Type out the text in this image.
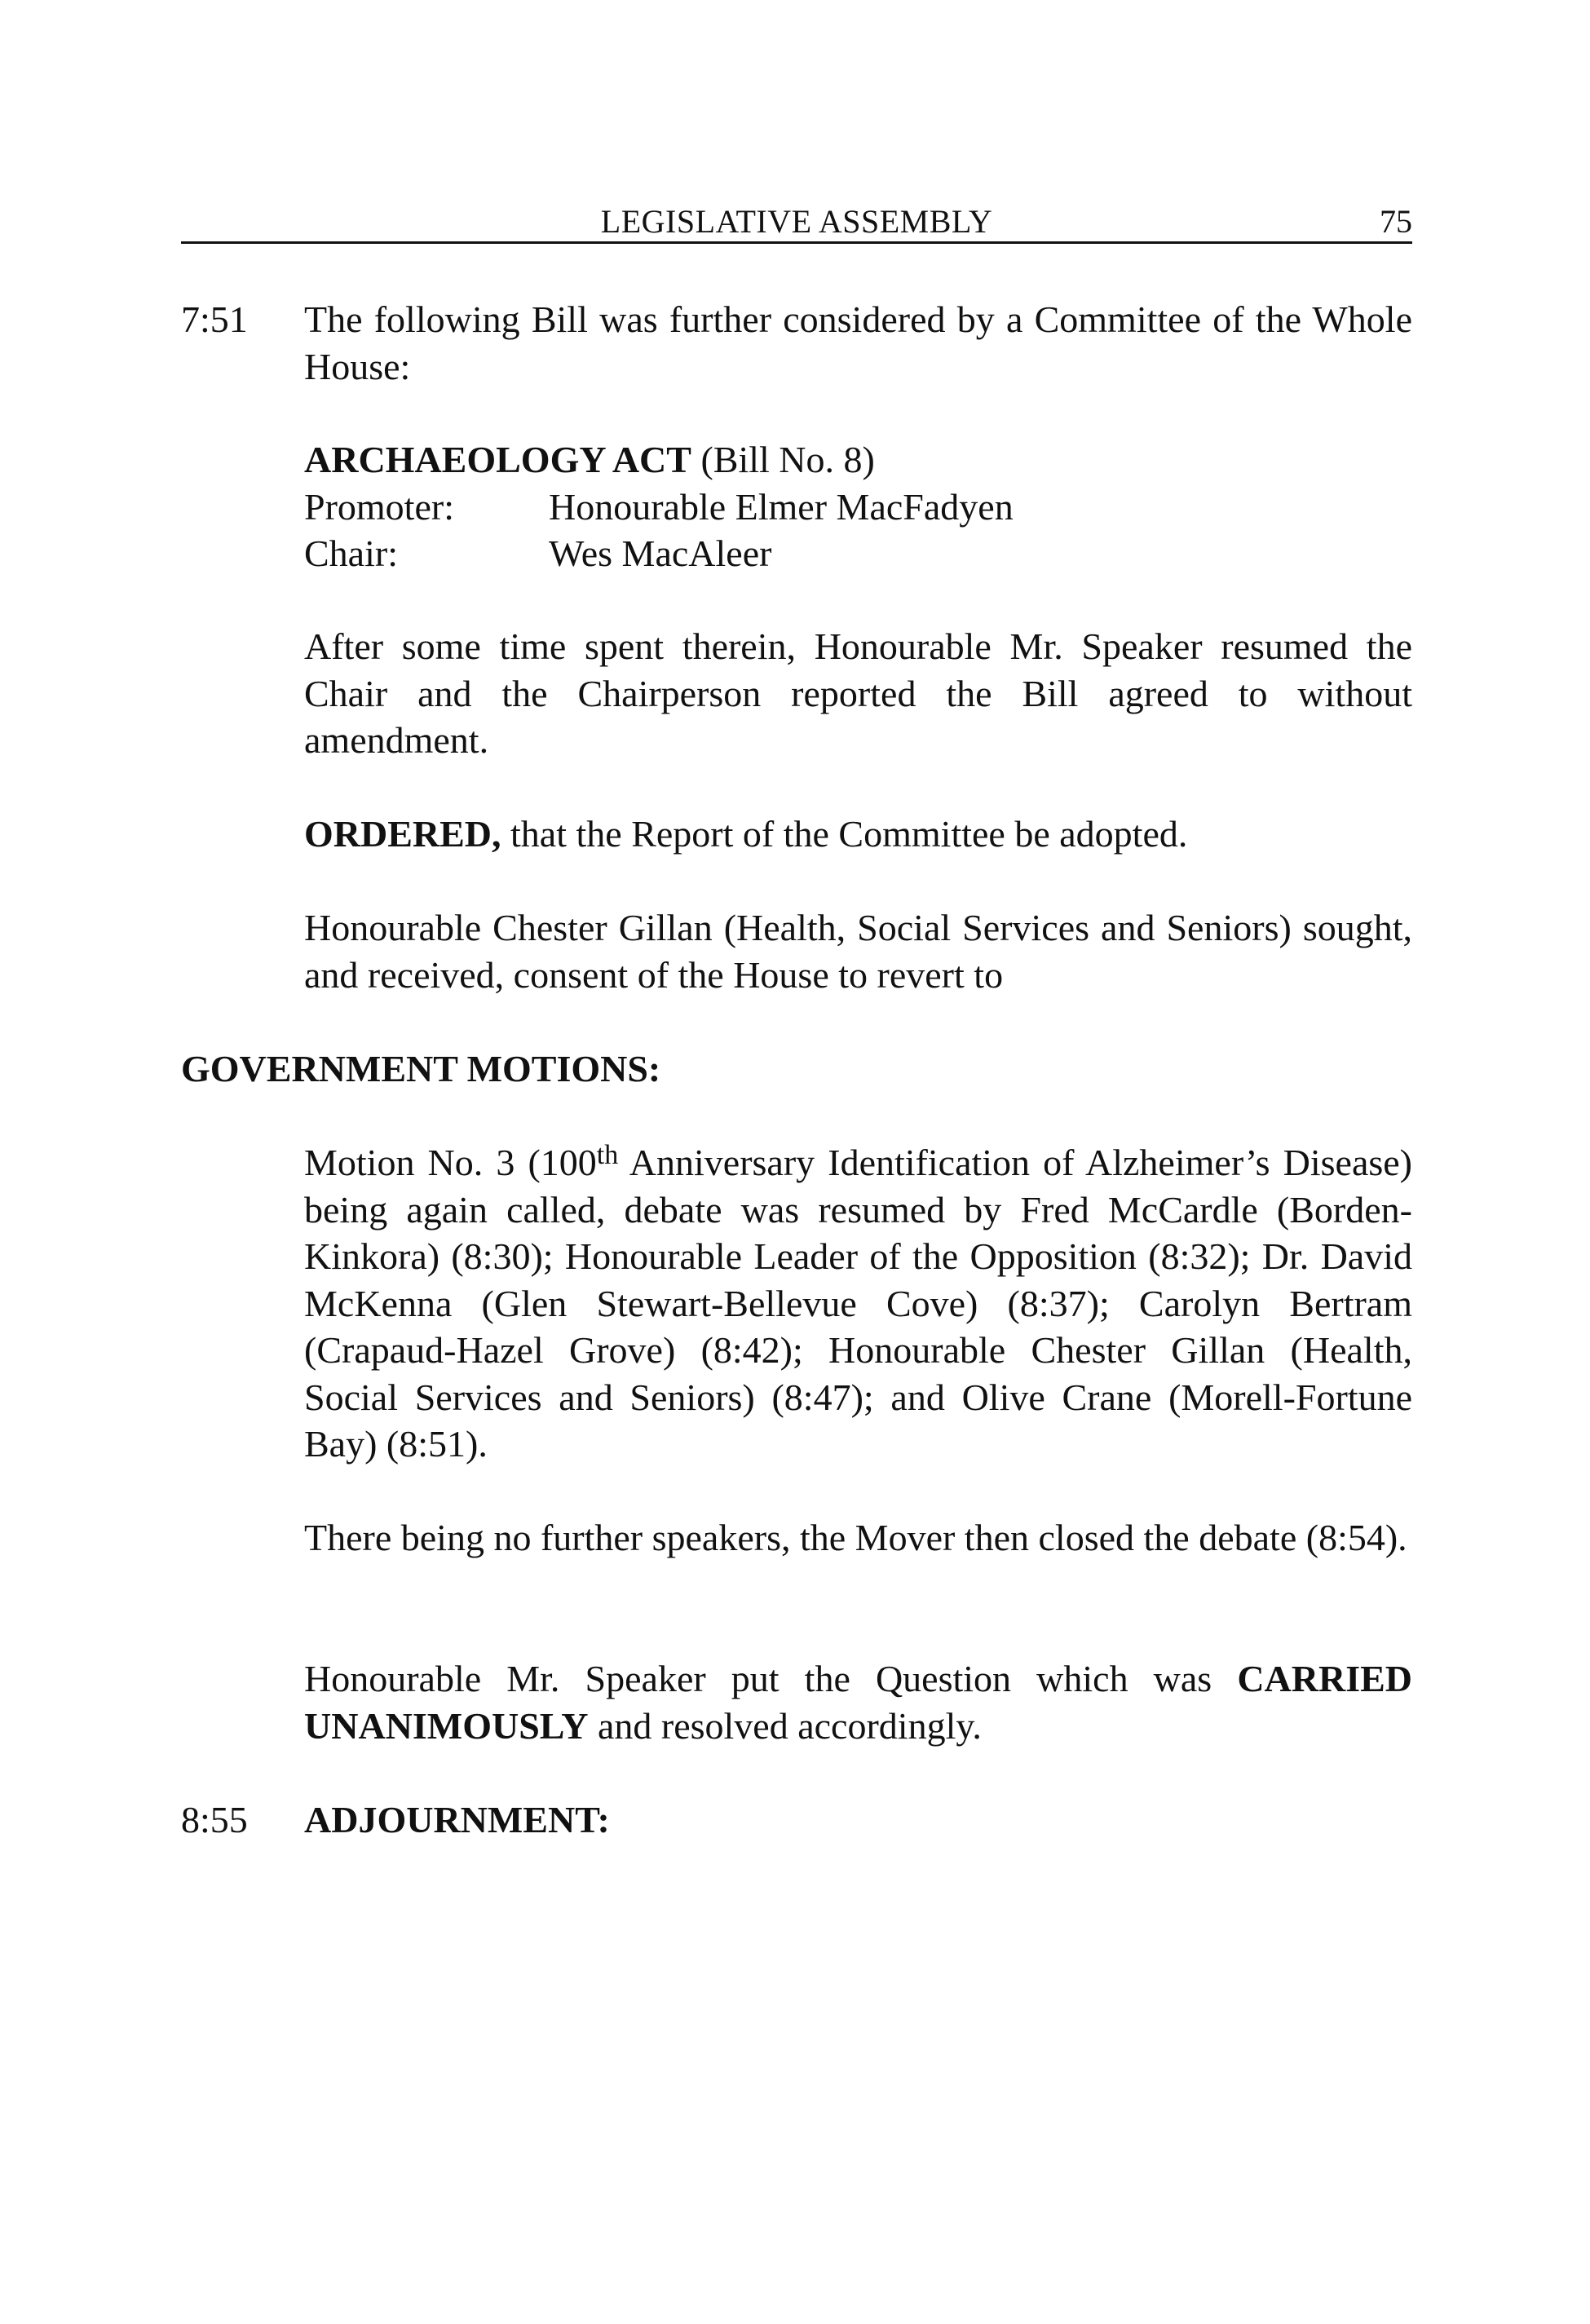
LEGISLATIVE ASSEMBLY	75
7:51 The following Bill was further considered by a Committee of the Whole House:
ARCHAEOLOGY ACT (Bill No. 8)
Promoter:	Honourable Elmer MacFadyen
Chair:	Wes MacAleer
After some time spent therein, Honourable Mr. Speaker resumed the Chair and the Chairperson reported the Bill agreed to without amendment.
ORDERED, that the Report of the Committee be adopted.
Honourable Chester Gillan (Health, Social Services and Seniors) sought, and received, consent of the House to revert to
GOVERNMENT MOTIONS:
Motion No. 3 (100th Anniversary Identification of Alzheimer’s Disease) being again called, debate was resumed by Fred McCardle (Borden-Kinkora) (8:30); Honourable Leader of the Opposition (8:32); Dr. David McKenna (Glen Stewart-Bellevue Cove) (8:37); Carolyn Bertram (Crapaud-Hazel Grove) (8:42); Honourable Chester Gillan (Health, Social Services and Seniors) (8:47); and Olive Crane (Morell-Fortune Bay) (8:51).
There being no further speakers, the Mover then closed the debate (8:54).
Honourable Mr. Speaker put the Question which was CARRIED UNANIMOUSLY and resolved accordingly.
8:55 ADJOURNMENT:
